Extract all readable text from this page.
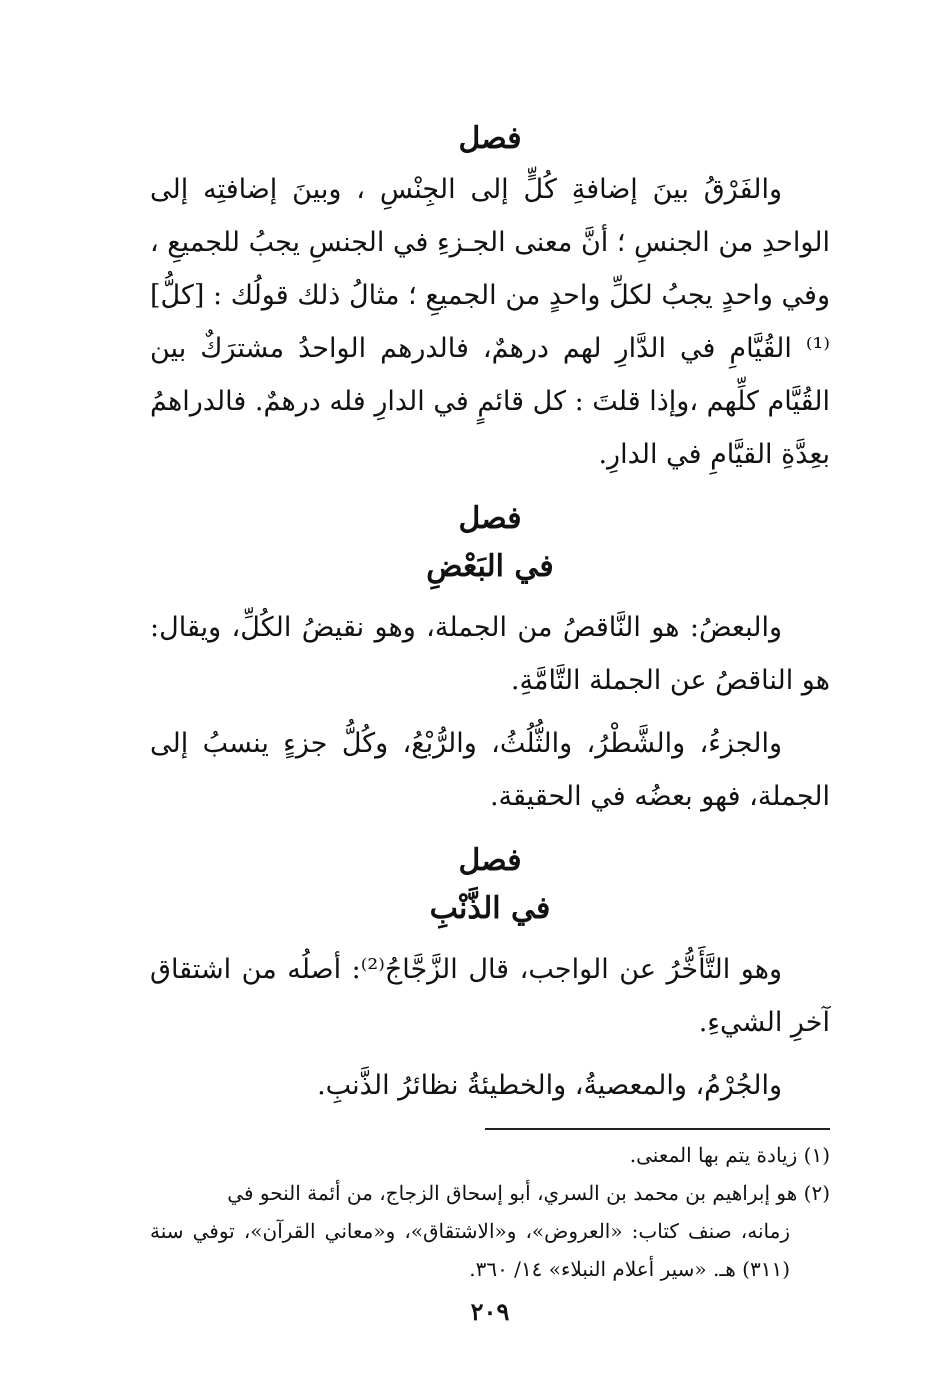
فصل

والفَرْقُ بينَ إضافةِ كُلٍّ إلى الجِنْسِ ، وبينَ إضافتِه إلى الواحدِ من الجنسِ ؛ أنَّ معنى الجـزءِ في الجنسِ يجبُ للجميعِ ، وفي واحدٍ يجبُ لكلِّ واحدٍ من الجميعِ ؛ مثالُ ذلك قولُك : [كلُّ] ⁽¹⁾ القُيَّامِ في الدَّارِ لهم درهمٌ، فالدرهم الواحدُ مشترَكٌ بين القُيَّام كلِّهم ،وإذا قلتَ : كل قائمٍ في الدارِ فله درهمٌ. فالدراهمُ بعِدَّةِ القيَّامِ في الدارِ.

فصل
في البَعْضِ

والبعضُ: هو النَّاقصُ من الجملة، وهو نقيضُ الكُلِّ، ويقال: هو الناقصُ عن الجملة التَّامَّةِ.

والجزءُ، والشَّطْرُ، والثُّلُثُ، والرُّبْعُ، وكُلُّ جزءٍ ينسبُ إلى الجملة، فهو بعضُه في الحقيقة.

فصل
في الذَّنْبِ

وهو التَّأَخُّرُ عن الواجب، قال الزَّجَّاجُ⁽²⁾: أصلُه من اشتقاق آخرِ الشيءِ.

والجُرْمُ، والمعصيةُ، والخطيئةُ نظائرُ الذَّنبِ.

(١) زيادة يتم بها المعنى.

(٢) هو إبراهيم بن محمد بن السري، أبو إسحاق الزجاج، من أئمة النحو في
زمانه، صنف كتاب: «العروض»، و«الاشتقاق»، و«معاني القرآن»، توفي سنة (٣١١) هـ. «سير أعلام النبلاء» ١٤/ ٣٦٠.

٢٠٩
